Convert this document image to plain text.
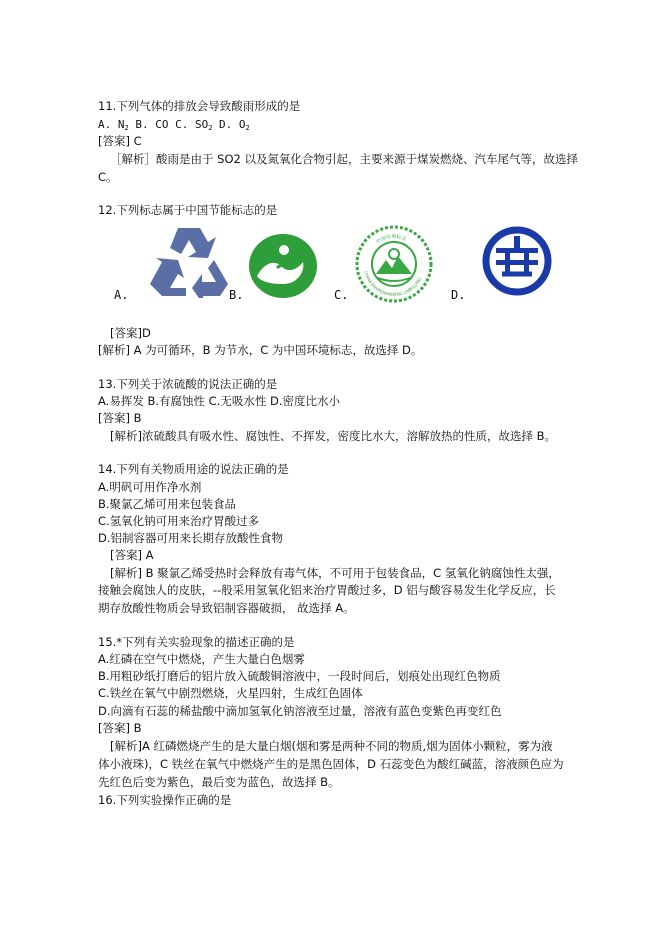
11.下列气体的排放会导致酸雨形成的是
A. $N_2$ B. CO C. $SO_2$ D. $O_2$
[答案] C
［解析］酸雨是由于 SO2 以及氮氧化合物引起，主要来源于煤炭燃烧、汽车尾气等，故选择
C。
12.下列标志属于中国节能标志的是
A.	B.	C.
中国环境标志
CHINA ENVIRONMENTAL LABELLING
D.
[答案]D
[解析] A 为可循环，B 为节水，C 为中国环境标志，故选择 D。
13.下列关于浓硫酸的说法正确的是
A.易挥发 B.有腐蚀性 C.无吸水性 D.密度比水小
[答案] B
[解析]浓硫酸具有吸水性、腐蚀性、不挥发，密度比水大，溶解放热的性质，故选择 B。
14.下列有关物质用途的说法正确的是
A.明矾可用作净水剂
B.聚氯乙烯可用来包装食品
C.氢氧化钠可用来治疗胃酸过多
D.铝制容器可用来长期存放酸性食物
[答案] A
[解析] B 聚氯乙烯受热时会释放有毒气体，不可用于包装食品，C 氢氧化钠腐蚀性太强，
接触会腐蚀人的皮肤，--般采用氢氧化铝来治疗胃酸过多，D 铝与酸容易发生化学反应，长
期存放酸性物质会导致铝制容器破损， 故选择 A。
15.*下列有关实验现象的描述正确的是
A.红磷在空气中燃烧，产生大量白色烟雾
B.用粗砂纸打磨后的铝片放入硫酸铜溶液中，一段时间后，划痕处出现红色物质
C.铁丝在氧气中剧烈燃烧，火星四射，生成红色固体
D.向滴有石蕊的稀盐酸中滴加氢氧化钠溶液至过量，溶液有蓝色变紫色再变红色
[答案] B
[解析]A 红磷燃烧产生的是大量白烟(烟和雾是两种不同的物质,烟为固体小颗粒，雾为液
体小液珠)，C 铁丝在氧气中燃烧产生的是黑色固体，D 石蕊变色为酸红碱蓝，溶液颜色应为
先红色后变为紫色，最后变为蓝色，故选择 B。
16.下列实验操作正确的是
